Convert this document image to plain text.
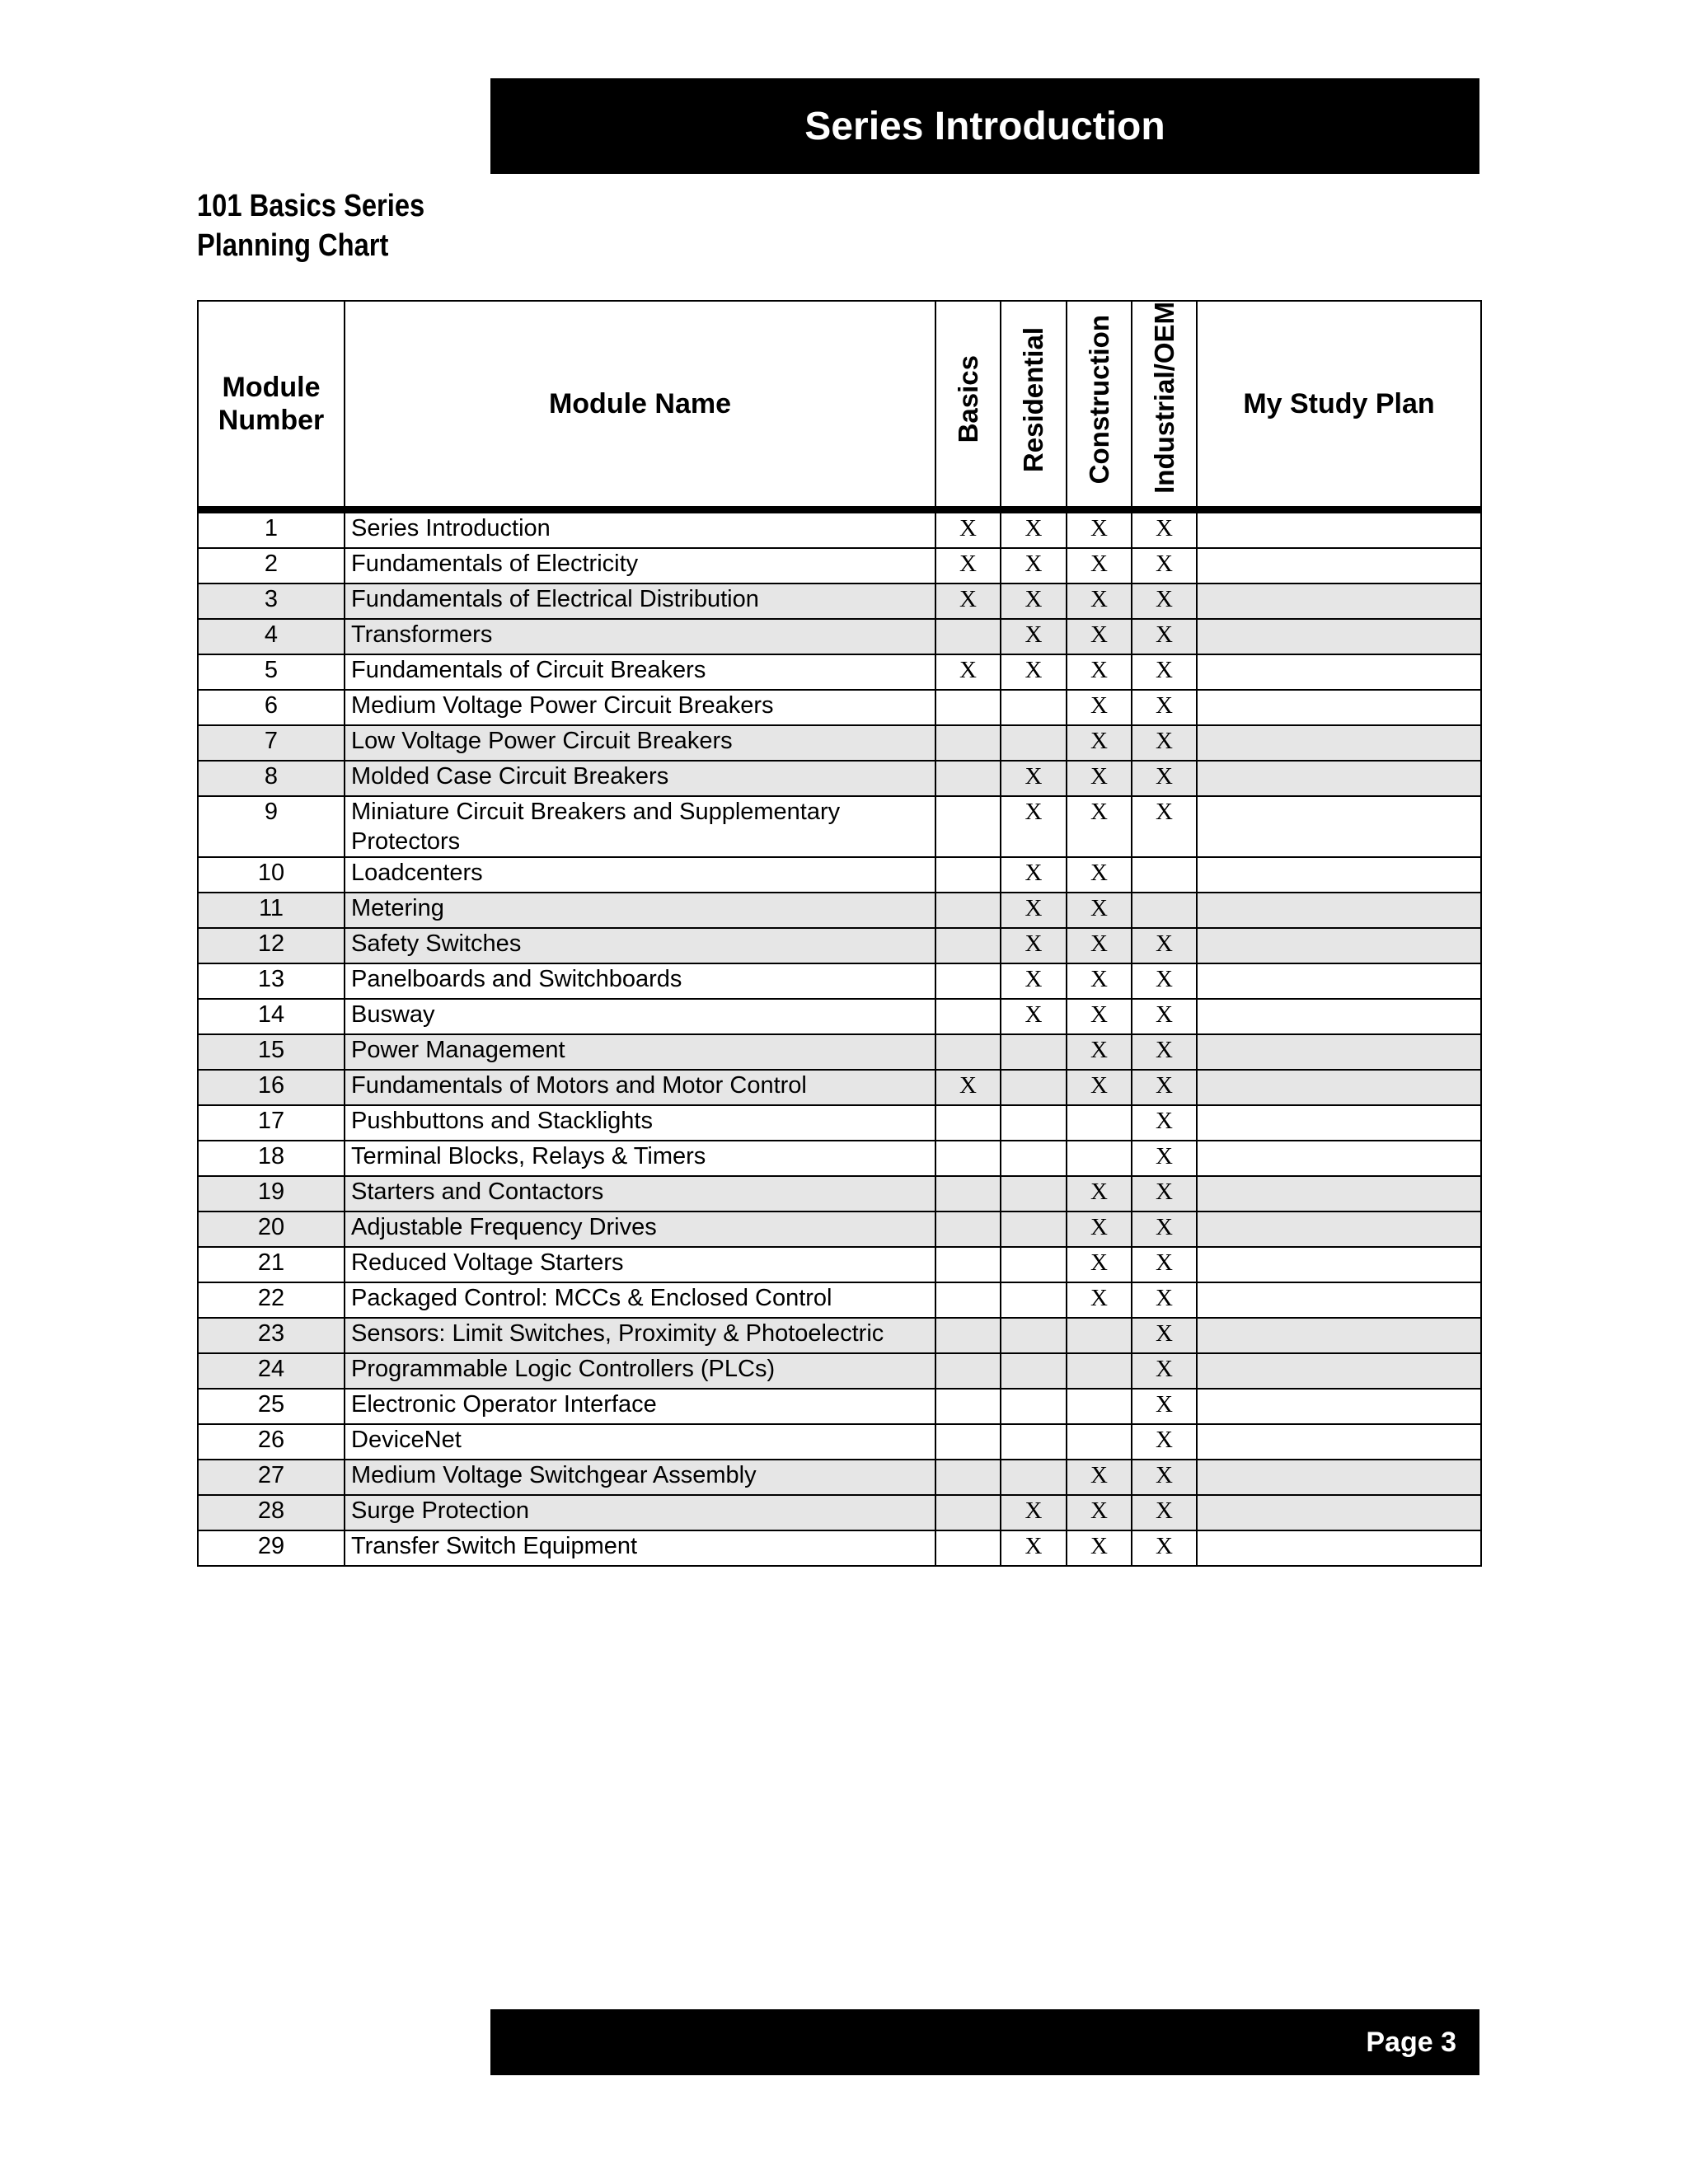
Series Introduction
101 Basics Series
Planning Chart
Module Number	Module Name	Basics	Residential	Construction	Industrial/OEM	My Study Plan
1	Series Introduction	X	X	X	X	
2	Fundamentals of Electricity	X	X	X	X	
3	Fundamentals of Electrical Distribution	X	X	X	X	
4	Transformers		X	X	X	
5	Fundamentals of Circuit Breakers	X	X	X	X	
6	Medium Voltage Power Circuit Breakers			X	X	
7	Low Voltage Power Circuit Breakers			X	X	
8	Molded Case Circuit Breakers		X	X	X	
9	Miniature Circuit Breakers and Supplementary Protectors		X	X	X	
10	Loadcenters		X	X		
11	Metering		X	X		
12	Safety Switches		X	X	X	
13	Panelboards and Switchboards		X	X	X	
14	Busway		X	X	X	
15	Power Management			X	X	
16	Fundamentals of Motors and Motor Control	X		X	X	
17	Pushbuttons and Stacklights				X	
18	Terminal Blocks, Relays & Timers				X	
19	Starters and Contactors			X	X	
20	Adjustable Frequency Drives			X	X	
21	Reduced Voltage Starters			X	X	
22	Packaged Control: MCCs & Enclosed Control			X	X	
23	Sensors: Limit Switches, Proximity & Photoelectric				X	
24	Programmable Logic Controllers (PLCs)				X	
25	Electronic Operator Interface				X	
26	DeviceNet				X	
27	Medium Voltage Switchgear Assembly			X	X	
28	Surge Protection		X	X	X	
29	Transfer Switch Equipment		X	X	X	
Page 3
